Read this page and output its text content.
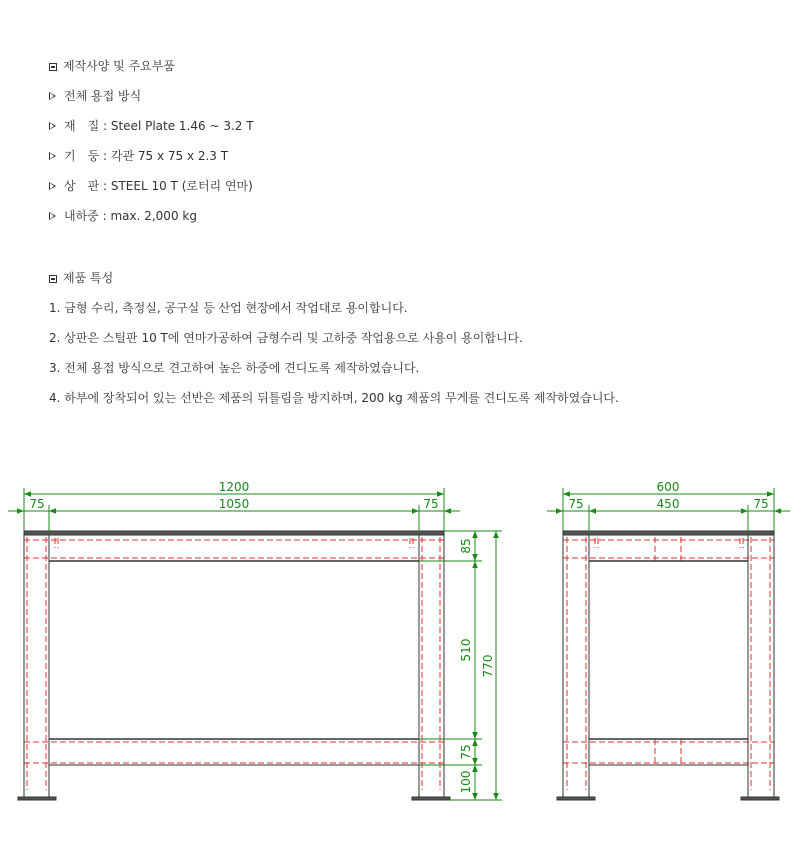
제작사양 및 주요부품
전체 용접 방식
재　질 : Steel Plate 1.46 ~ 3.2 T
기　둥 : 각관 75 x 75 x 2.3 T
상　판 : STEEL 10 T (로터리 연마)
내하중 : max. 2,000 kg
제품 특성
1. 금형 수리, 측정실, 공구실 등 산업 현장에서 작업대로 용이합니다.
2. 상판은 스틸판 10 T에 연마가공하여 금형수리 및 고하중 작업용으로 사용이 용이합니다.
3. 전체 용접 방식으로 견고하여 높은 하중에 견디도록 제작하였습니다.
4. 하부에 장착되어 있는 선반은 제품의 뒤틀림을 방지하며, 200 kg 제품의 무게를 견디도록 제작하였습니다.
1200
75	1050	75
85
510
75
100
770
600
75	450	75
